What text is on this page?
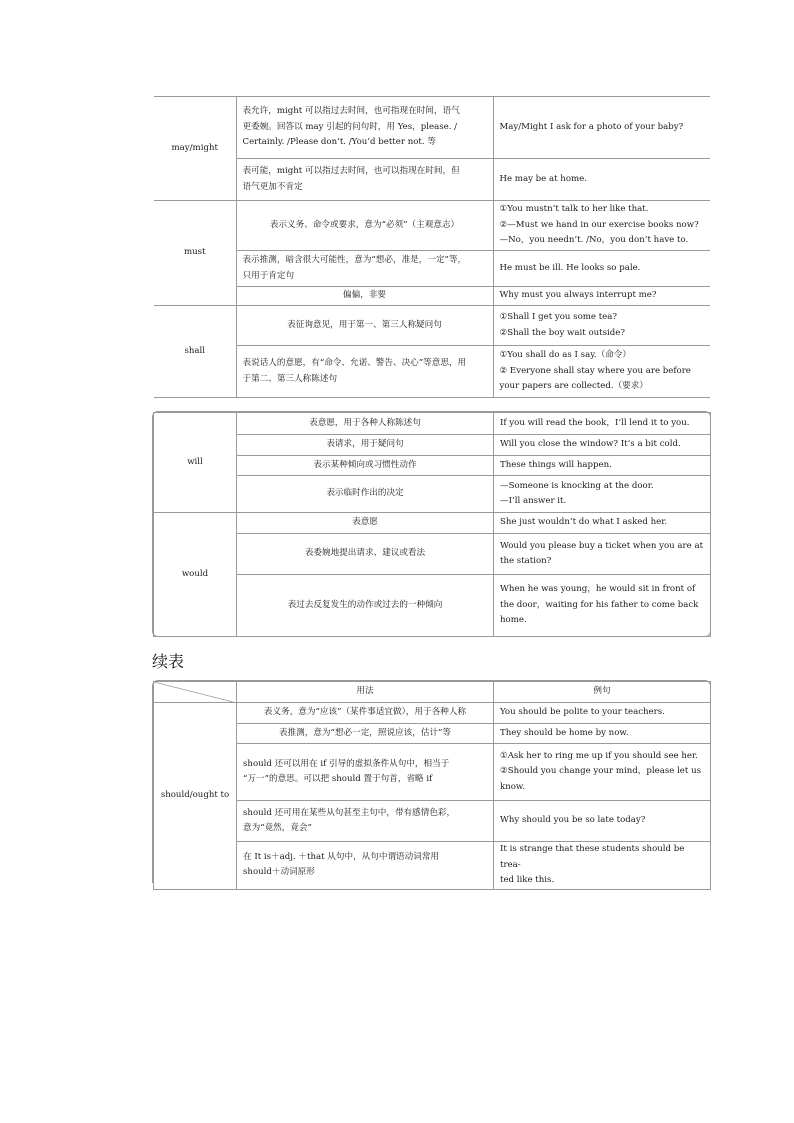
may/might	表允许，might 可以指过去时间，也可指现在时间，语气
更委婉。回答以 may 引起的问句时，用 Yes，please. /
Certainly. /Please don’t. /You’d better not. 等	May/Might I ask for a photo of your baby?

	表可能，might 可以指过去时间，也可以指现在时间，但
语气更加不肯定	He may be at home.

must	表示义务、命令或要求，意为“必须”（主观意志）	①You mustn’t talk to her like that.
②—Must we hand in our exercise books now?
—No，you needn’t. /No，you don’t have to.

	表示推测，暗含很大可能性，意为“想必，准是，一定”等，
只用于肯定句	He must be ill. He looks so pale.

	偏偏，非要	Why must you always interrupt me?

shall	表征询意见，用于第一、第三人称疑问句	①Shall I get you some tea?
②Shall the boy wait outside?

	表说话人的意愿，有“命令、允诺、警告、决心”等意思，用
于第二、第三人称陈述句	①You shall do as I say.（命令）
② Everyone shall stay where you are before
your papers are collected.（要求）
will	表意愿，用于各种人称陈述句	If you will read the book，I’ll lend it to you.

	表请求，用于疑问句	Will you close the window? It’s a bit cold.

	表示某种倾向或习惯性动作	These things will happen.

	表示临时作出的决定	—Someone is knocking at the door.
—I’ll answer it.

would	表意愿	She just wouldn’t do what I asked her.

	表委婉地提出请求、建议或看法	Would you please buy a ticket when you are at
the station?

	表过去反复发生的动作或过去的一种倾向	When he was young，he would sit in front of
the door，waiting for his father to come back
home.
续表
	用法	例句
should/ought to	表义务，意为“应该”（某件事适宜做），用于各种人称	You should be polite to your teachers.

	表推测，意为“想必一定，照说应该，估计”等	They should be home by now.

	should 还可以用在 if 引导的虚拟条件从句中，相当于
“万一”的意思。可以把 should 置于句首，省略 if	①Ask her to ring me up if you should see her.
②Should you change your mind，please let us
know.

	should 还可用在某些从句甚至主句中，带有感情色彩，
意为“竟然，竟会”	Why should you be so late today?

	在 It is＋adj. ＋that 从句中，从句中谓语动词常用
should＋动词原形	It is strange that these students should be trea-
ted like this.
